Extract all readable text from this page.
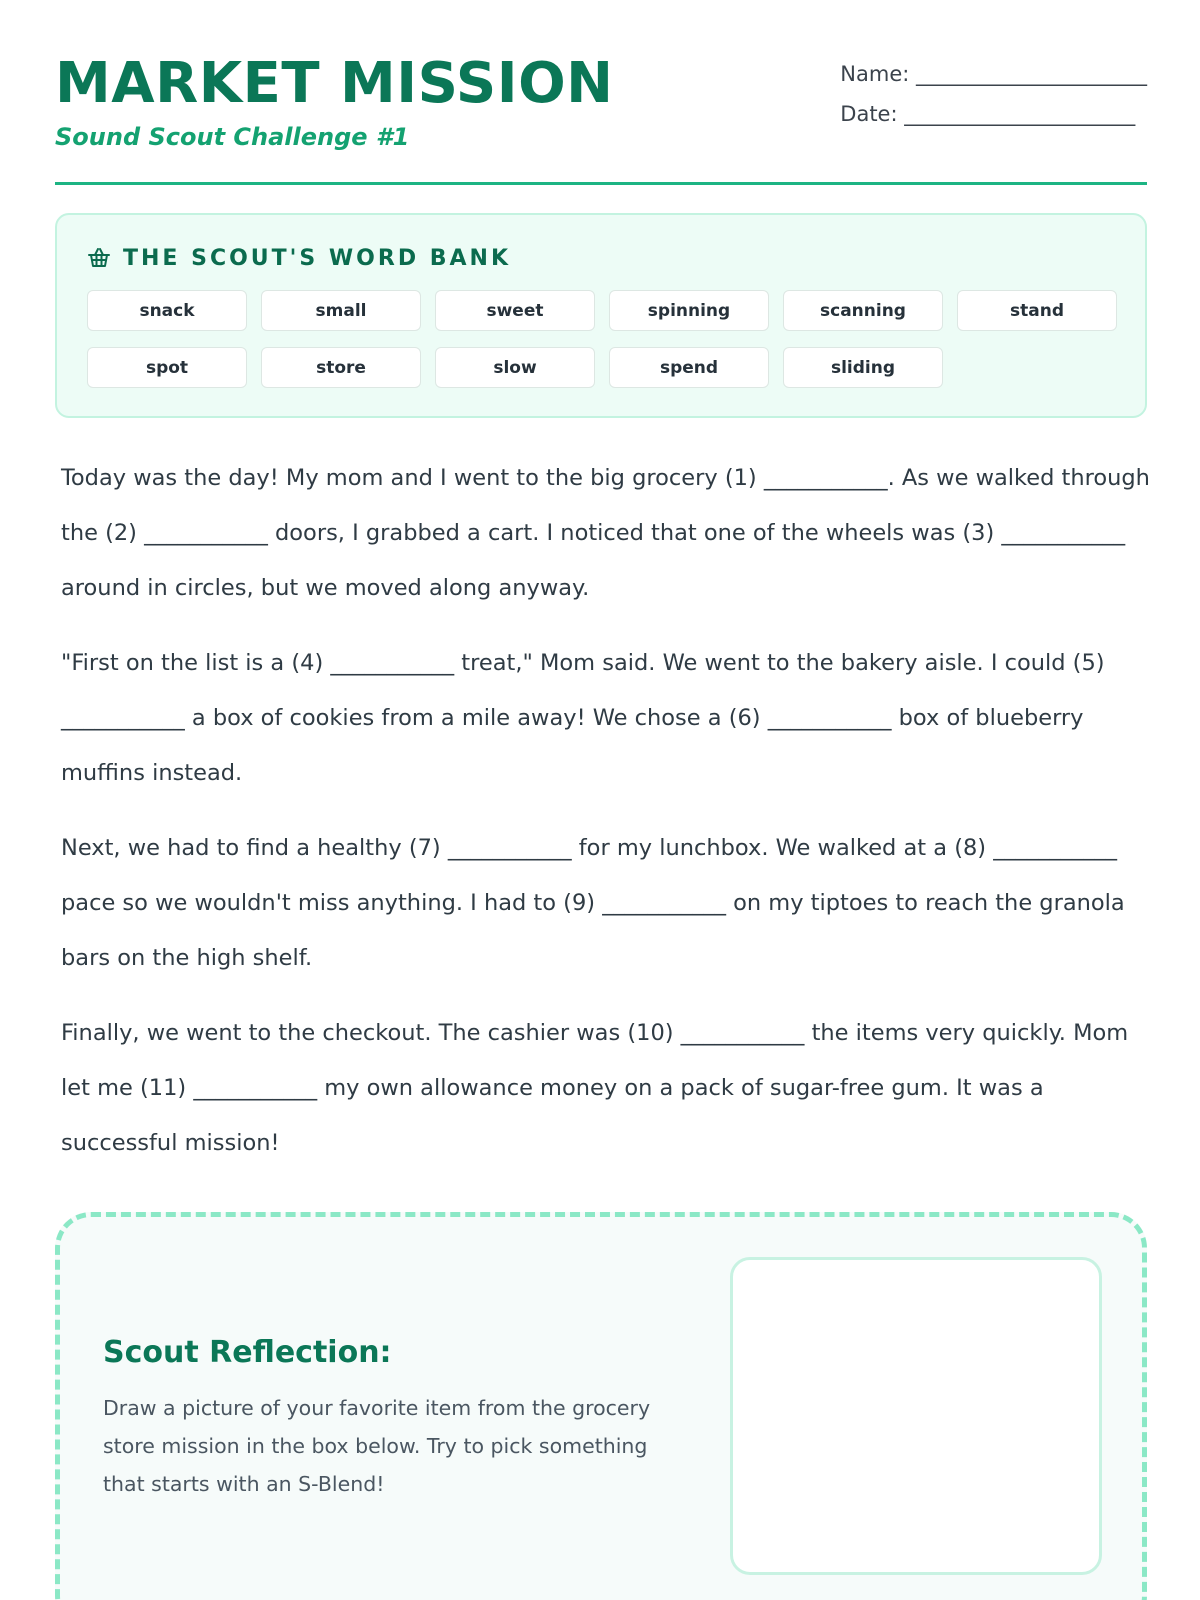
MARKET MISSION
Sound Scout Challenge #1
Name: ______________________
Date: ______________________
THE SCOUT'S WORD BANK
snack	small	sweet	spinning	scanning	stand
spot	store	slow	spend	sliding

Today was the day! My mom and I went to the big grocery (1) ___________. As we walked through the (2) ___________ doors, I grabbed a cart. I noticed that one of the wheels was (3) ___________ around in circles, but we moved along anyway.

"First on the list is a (4) ___________ treat," Mom said. We went to the bakery aisle. I could (5) ___________ a box of cookies from a mile away! We chose a (6) ___________ box of blueberry muffins instead.

Next, we had to find a healthy (7) ___________ for my lunchbox. We walked at a (8) ___________ pace so we wouldn't miss anything. I had to (9) ___________ on my tiptoes to reach the granola bars on the high shelf.

Finally, we went to the checkout. The cashier was (10) ___________ the items very quickly. Mom let me (11) ___________ my own allowance money on a pack of sugar-free gum. It was a successful mission!

Scout Reflection:
Draw a picture of your favorite item from the grocery store mission in the box below. Try to pick something that starts with an S-Blend!
